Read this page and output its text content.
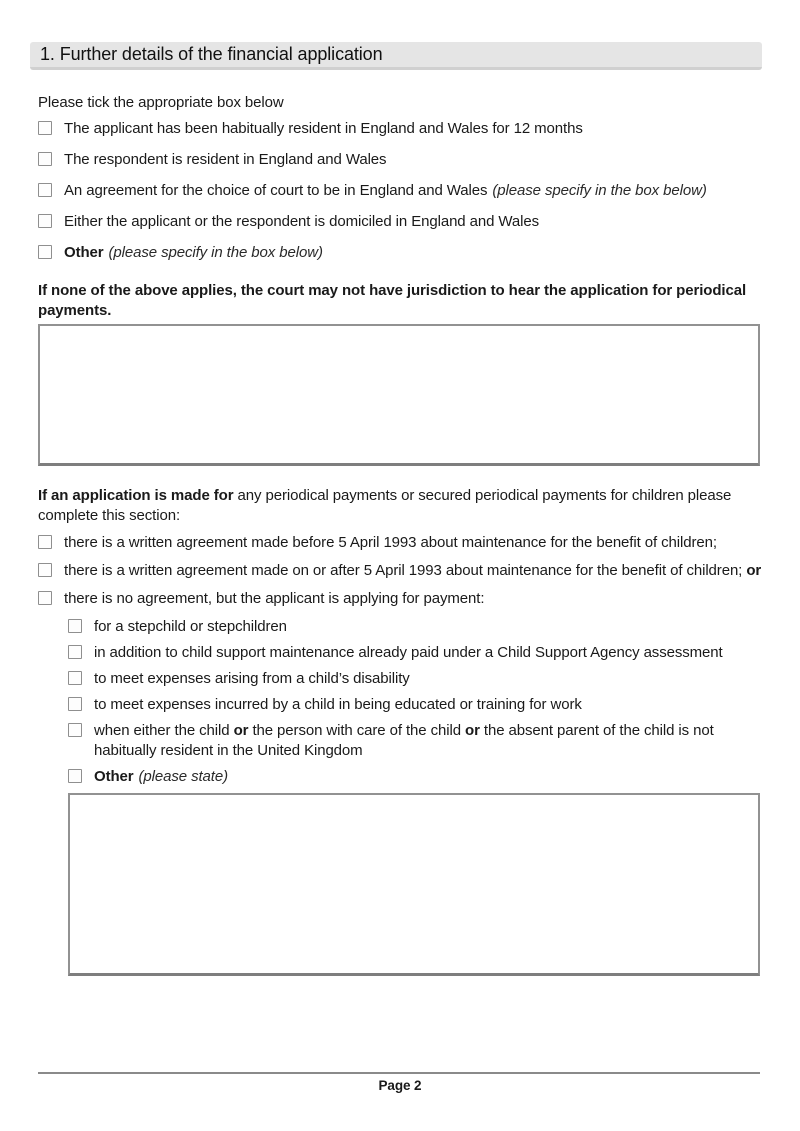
1. Further details of the financial application

Please tick the appropriate box below

The applicant has been habitually resident in England and Wales for 12 months
The respondent is resident in England and Wales
An agreement for the choice of court to be in England and Wales (please specify in the box below)
Either the applicant or the respondent is domiciled in England and Wales
Other (please specify in the box below)

If none of the above applies, the court may not have jurisdiction to hear the application for periodical payments.

If an application is made for any periodical payments or secured periodical payments for children please complete this section:

there is a written agreement made before 5 April 1993 about maintenance for the benefit of children;
there is a written agreement made on or after 5 April 1993 about maintenance for the benefit of children; or
there is no agreement, but the applicant is applying for payment:
for a stepchild or stepchildren
in addition to child support maintenance already paid under a Child Support Agency assessment
to meet expenses arising from a child’s disability
to meet expenses incurred by a child in being educated or training for work
when either the child or the person with care of the child or the absent parent of the child is not habitually resident in the United Kingdom
Other (please state)
Page 2
